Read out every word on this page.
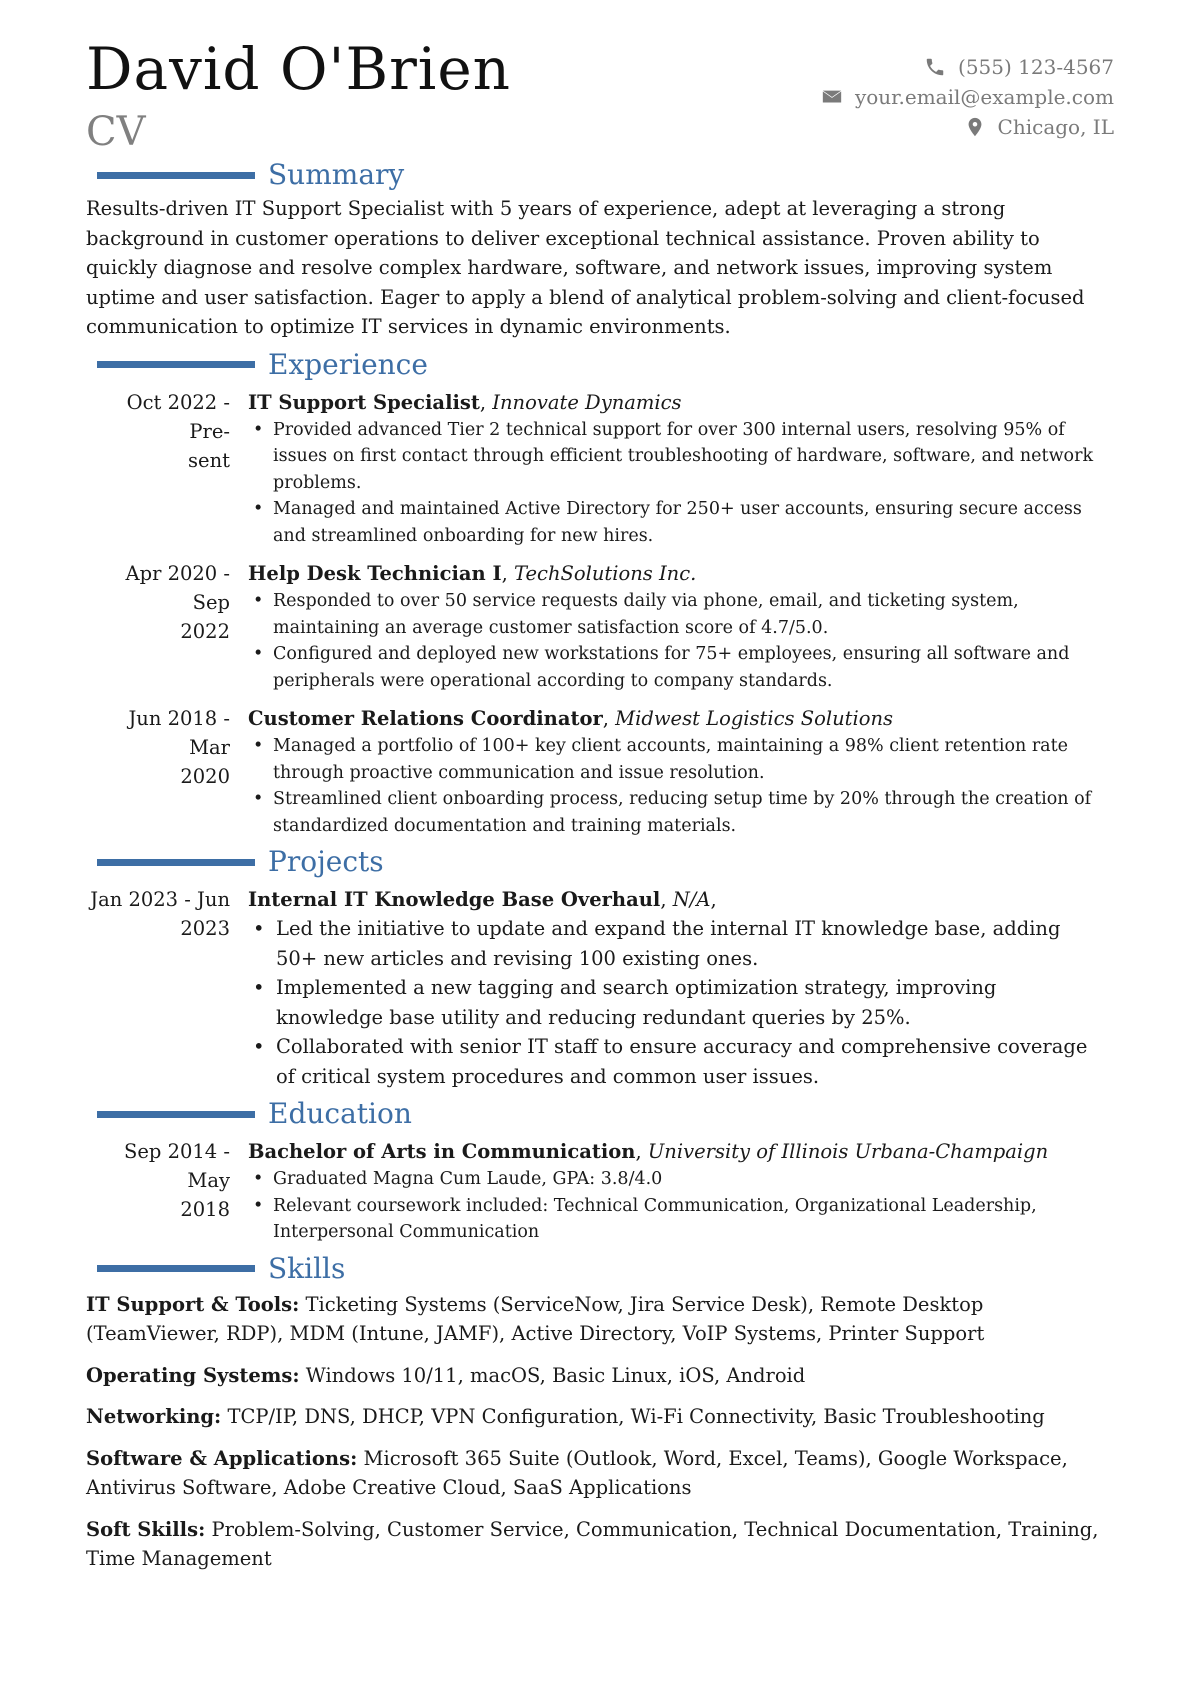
David O'Brien
CV
(555) 123-4567
your.email@example.com
Chicago, IL
Summary
Results-driven IT Support Specialist with 5 years of experience, adept at leveraging a strong background in customer operations to deliver exceptional technical assistance. Proven ability to quickly diagnose and resolve complex hardware, software, and network issues, improving system uptime and user satisfaction. Eager to apply a blend of analytical problem-solving and client-focused communication to optimize IT services in dynamic environments.
Experience
Oct 2022 - Pre-
sent
IT Support Specialist, Innovate Dynamics
• Provided advanced Tier 2 technical support for over 300 internal users, resolving 95% of issues on first contact through efficient troubleshooting of hardware, software, and network problems.
• Managed and maintained Active Directory for 250+ user accounts, ensuring secure access and streamlined onboarding for new hires.
Apr 2020 - Sep
2022
Help Desk Technician I, TechSolutions Inc.
• Responded to over 50 service requests daily via phone, email, and ticketing system, maintaining an average customer satisfaction score of 4.7/5.0.
• Configured and deployed new workstations for 75+ employees, ensuring all software and peripherals were operational according to company standards.
Jun 2018 - Mar
2020
Customer Relations Coordinator, Midwest Logistics Solutions
• Managed a portfolio of 100+ key client accounts, maintaining a 98% client retention rate through proactive communication and issue resolution.
• Streamlined client onboarding process, reducing setup time by 20% through the creation of standardized documentation and training materials.
Projects
Jan 2023 - Jun
2023
Internal IT Knowledge Base Overhaul, N/A,
• Led the initiative to update and expand the internal IT knowledge base, adding 50+ new articles and revising 100 existing ones.
• Implemented a new tagging and search optimization strategy, improving knowledge base utility and reducing redundant queries by 25%.
• Collaborated with senior IT staff to ensure accuracy and comprehensive coverage of critical system procedures and common user issues.
Education
Sep 2014 - May
2018
Bachelor of Arts in Communication, University of Illinois Urbana-Champaign
• Graduated Magna Cum Laude, GPA: 3.8/4.0
• Relevant coursework included: Technical Communication, Organizational Leadership, Interpersonal Communication
Skills
IT Support & Tools: Ticketing Systems (ServiceNow, Jira Service Desk), Remote Desktop (TeamViewer, RDP), MDM (Intune, JAMF), Active Directory, VoIP Systems, Printer Support
Operating Systems: Windows 10/11, macOS, Basic Linux, iOS, Android
Networking: TCP/IP, DNS, DHCP, VPN Configuration, Wi-Fi Connectivity, Basic Troubleshooting
Software & Applications: Microsoft 365 Suite (Outlook, Word, Excel, Teams), Google Workspace, Antivirus Software, Adobe Creative Cloud, SaaS Applications
Soft Skills: Problem-Solving, Customer Service, Communication, Technical Documentation, Training, Time Management
